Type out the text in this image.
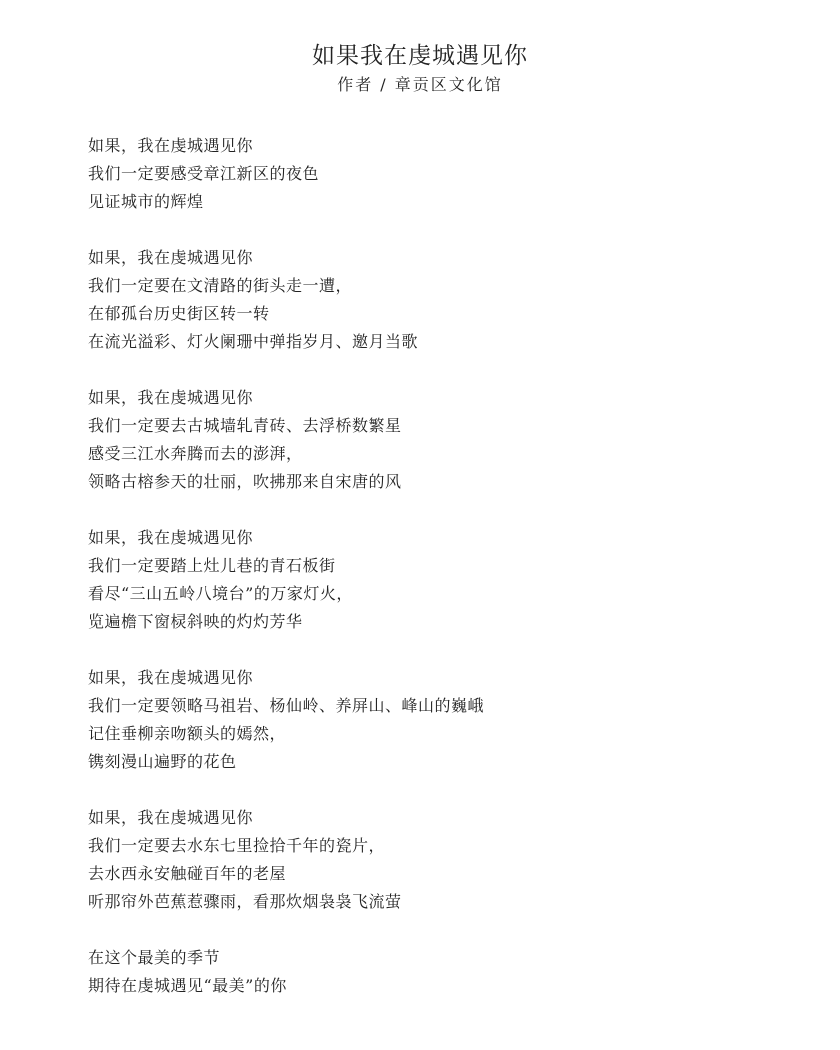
如果我在虔城遇见你

作者 / 章贡区文化馆

如果，我在虔城遇见你
我们一定要感受章江新区的夜色
见证城市的辉煌
如果，我在虔城遇见你
我们一定要在文清路的街头走一遭，
在郁孤台历史街区转一转
在流光溢彩、灯火阑珊中弹指岁月、邀月当歌
如果，我在虔城遇见你
我们一定要去古城墙轧青砖、去浮桥数繁星
感受三江水奔腾而去的澎湃，
领略古榕参天的壮丽，吹拂那来自宋唐的风
如果，我在虔城遇见你
我们一定要踏上灶儿巷的青石板街
看尽“三山五岭八境台”的万家灯火，
览遍檐下窗棂斜映的灼灼芳华
如果，我在虔城遇见你
我们一定要领略马祖岩、杨仙岭、养屏山、峰山的巍峨
记住垂柳亲吻额头的嫣然，
镌刻漫山遍野的花色
如果，我在虔城遇见你
我们一定要去水东七里捡拾千年的瓷片，
去水西永安触碰百年的老屋
听那帘外芭蕉惹骤雨，看那炊烟袅袅飞流萤
在这个最美的季节
期待在虔城遇见“最美”的你
